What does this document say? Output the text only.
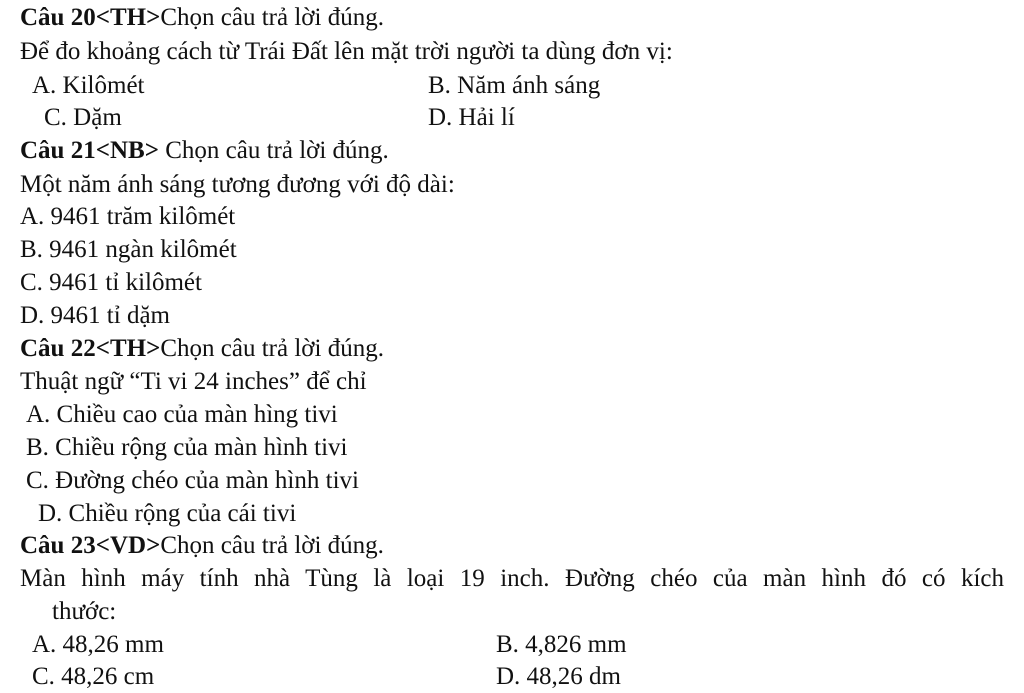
Câu 20<TH>Chọn câu trả lời đúng.
Để đo khoảng cách từ Trái Đất lên mặt trời người ta dùng đơn vị:
A. Kilômét	B. Năm ánh sáng
C. Dặm	D. Hải lí
Câu 21<NB> Chọn câu trả lời đúng.
Một năm ánh sáng tương đương với độ dài:
A. 9461 trăm kilômét
B. 9461 ngàn kilômét
C. 9461 tỉ kilômét
D. 9461 tỉ dặm
Câu 22<TH>Chọn câu trả lời đúng.
Thuật ngữ “Ti vi 24 inches” để chỉ
A. Chiều cao của màn hìng tivi
B. Chiều rộng của màn hình tivi
C. Đường chéo của màn hình tivi
D. Chiều rộng của cái tivi
Câu 23<VD>Chọn câu trả lời đúng.
Màn hình máy tính nhà Tùng là loại 19 inch. Đường chéo của màn hình đó có kích
thước:
A. 48,26 mm	B. 4,826 mm
C. 48,26 cm	D. 48,26 dm
